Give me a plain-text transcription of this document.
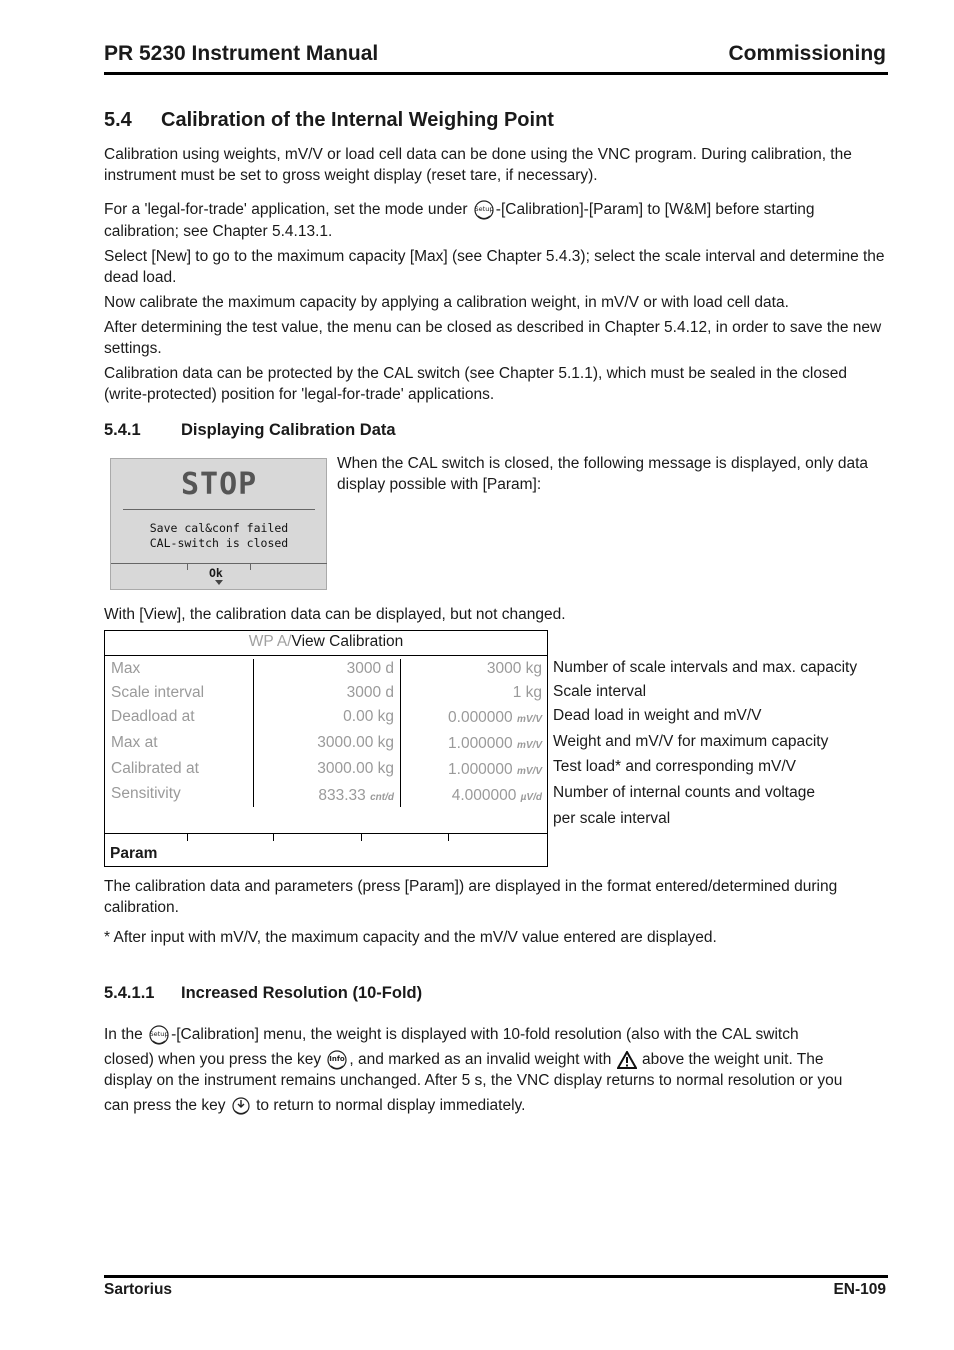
PR 5230 Instrument Manual	Commissioning
5.4 Calibration of the Internal Weighing Point

Calibration using weights, mV/V or load cell data can be done using the VNC program. During calibration, the instrument must be set to gross weight display (reset tare, if necessary).

For a 'legal-for-trade' application, set the mode under Setup -[Calibration]-[Param] to [W&M] before starting calibration; see Chapter 5.4.13.1.

Select [New] to go to the maximum capacity [Max] (see Chapter 5.4.3); select the scale interval and determine the dead load.

Now calibrate the maximum capacity by applying a calibration weight, in mV/V or with load cell data.

After determining the test value, the menu can be closed as described in Chapter 5.4.12, in order to save the new settings.

Calibration data can be protected by the CAL switch (see Chapter 5.1.1), which must be sealed in the closed (write-protected) position for 'legal-for-trade' applications.

5.4.1 Displaying Calibration Data
STOP
Save cal&conf failed
CAL-switch is closed
Ok

When the CAL switch is closed, the following message is displayed, only data display possible with [Param]:

With [View], the calibration data can be displayed, but not changed.

WP A/View Calibration
Max	3000 d	3000 kg
Scale interval	3000 d	1 kg
Deadload at	0.00 kg	0.000000 mV/V
Max at	3000.00 kg	1.000000 mV/V
Calibrated at	3000.00 kg	1.000000 mV/V
Sensitivity	833.33 cnt/d	4.000000 µV/d
Param
Number of scale intervals and max. capacity
Scale interval
Dead load in weight and mV/V
Weight and mV/V for maximum capacity
Test load* and corresponding mV/V
Number of internal counts and voltage
per scale interval

The calibration data and parameters (press [Param]) are displayed in the format entered/determined during calibration.

* After input with mV/V, the maximum capacity and the mV/V value entered are displayed.

5.4.1.1 Increased Resolution (10-Fold)
In the Setup -[Calibration] menu, the weight is displayed with 10-fold resolution (also with the CAL switch
closed) when you press the key Info , and marked as an invalid weight with  above the weight unit. The
display on the instrument remains unchanged. After 5 s, the VNC display returns to normal resolution or you
can press the key  to return to normal display immediately.
Sartorius	EN-109
